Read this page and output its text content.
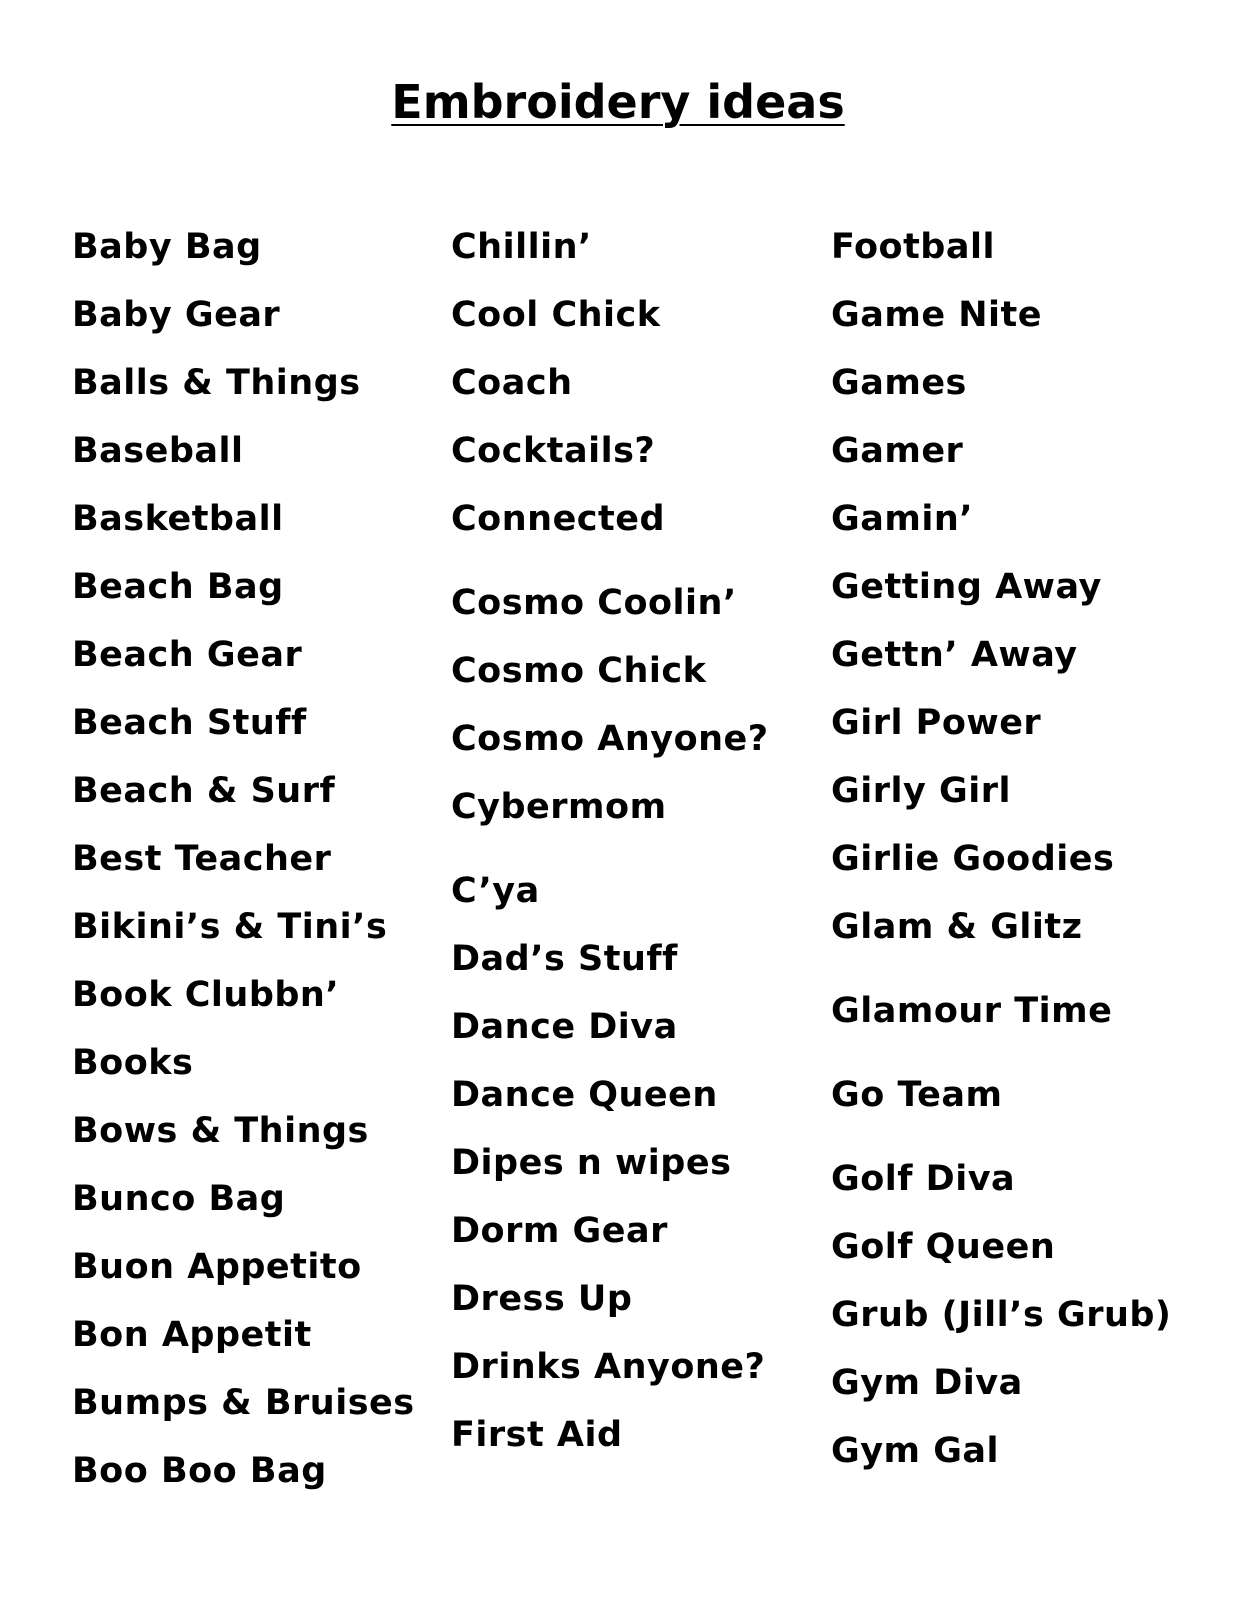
Embroidery ideas
Baby Bag
Baby Gear
Balls & Things
Baseball
Basketball
Beach Bag
Beach Gear
Beach Stuff
Beach & Surf
Best Teacher
Bikini’s & Tini’s
Book Clubbn’
Books
Bows & Things
Bunco Bag
Buon Appetito
Bon Appetit
Bumps & Bruises
Boo Boo Bag
Chillin’
Cool Chick
Coach
Cocktails?
Connected
Cosmo Coolin’
Cosmo Chick
Cosmo Anyone?
Cybermom
C’ya
Dad’s Stuff
Dance Diva
Dance Queen
Dipes n wipes
Dorm Gear
Dress Up
Drinks Anyone?
First Aid
Football
Game Nite
Games
Gamer
Gamin’
Getting Away
Gettn’ Away
Girl Power
Girly Girl
Girlie Goodies
Glam & Glitz
Glamour Time
Go Team
Golf Diva
Golf Queen
Grub (Jill’s Grub)
Gym Diva
Gym Gal
